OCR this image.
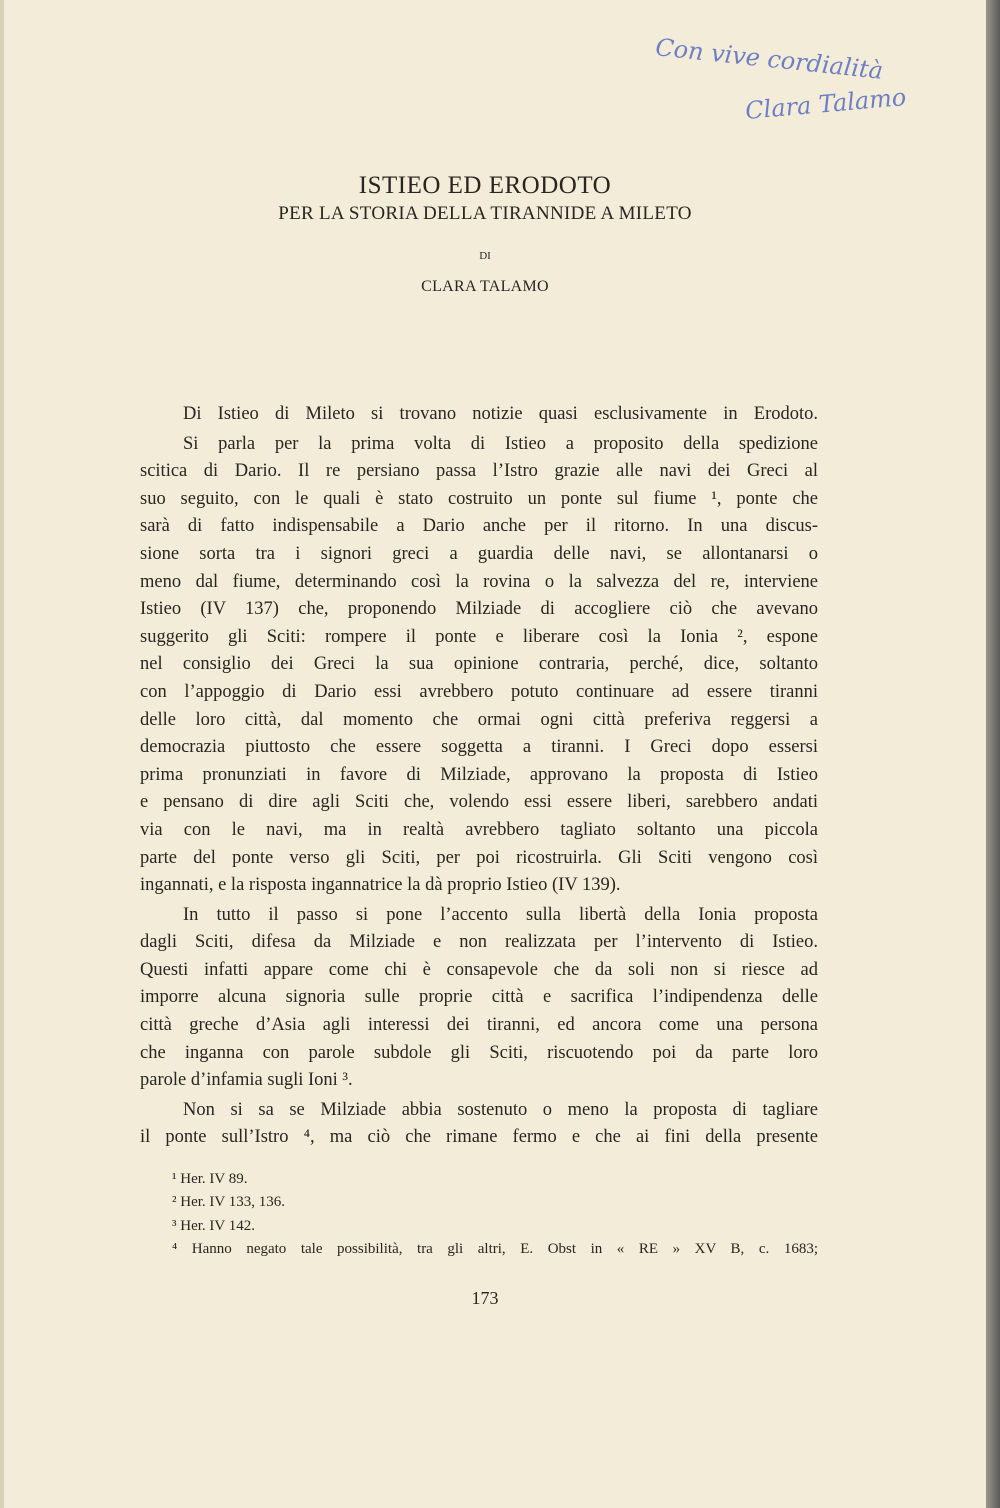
Con vive cordialità
Clara Talamo
ISTIEO ED ERODOTO
PER LA STORIA DELLA TIRANNIDE A MILETO
DI
CLARA TALAMO
Di Istieo di Mileto si trovano notizie quasi esclusivamente in Erodoto.
Si parla per la prima volta di Istieo a proposito della spedizione
scitica di Dario. Il re persiano passa l’Istro grazie alle navi dei Greci al
suo seguito, con le quali è stato costruito un ponte sul fiume ¹, ponte che
sarà di fatto indispensabile a Dario anche per il ritorno. In una discus-
sione sorta tra i signori greci a guardia delle navi, se allontanarsi o
meno dal fiume, determinando così la rovina o la salvezza del re, interviene
Istieo (IV 137) che, proponendo Milziade di accogliere ciò che avevano
suggerito gli Sciti: rompere il ponte e liberare così la Ionia ², espone
nel consiglio dei Greci la sua opinione contraria, perché, dice, soltanto
con l’appoggio di Dario essi avrebbero potuto continuare ad essere tiranni
delle loro città, dal momento che ormai ogni città preferiva reggersi a
democrazia piuttosto che essere soggetta a tiranni. I Greci dopo essersi
prima pronunziati in favore di Milziade, approvano la proposta di Istieo
e pensano di dire agli Sciti che, volendo essi essere liberi, sarebbero andati
via con le navi, ma in realtà avrebbero tagliato soltanto una piccola
parte del ponte verso gli Sciti, per poi ricostruirla. Gli Sciti vengono così
ingannati, e la risposta ingannatrice la dà proprio Istieo (IV 139).
In tutto il passo si pone l’accento sulla libertà della Ionia proposta
dagli Sciti, difesa da Milziade e non realizzata per l’intervento di Istieo.
Questi infatti appare come chi è consapevole che da soli non si riesce ad
imporre alcuna signoria sulle proprie città e sacrifica l’indipendenza delle
città greche d’Asia agli interessi dei tiranni, ed ancora come una persona
che inganna con parole subdole gli Sciti, riscuotendo poi da parte loro
parole d’infamia sugli Ioni ³.
Non si sa se Milziade abbia sostenuto o meno la proposta di tagliare
il ponte sull’Istro ⁴, ma ciò che rimane fermo e che ai fini della presente
¹ Her. IV 89.
² Her. IV 133, 136.
³ Her. IV 142.
⁴ Hanno negato tale possibilità, tra gli altri, E. Obst in « RE » XV B, c. 1683;
173
